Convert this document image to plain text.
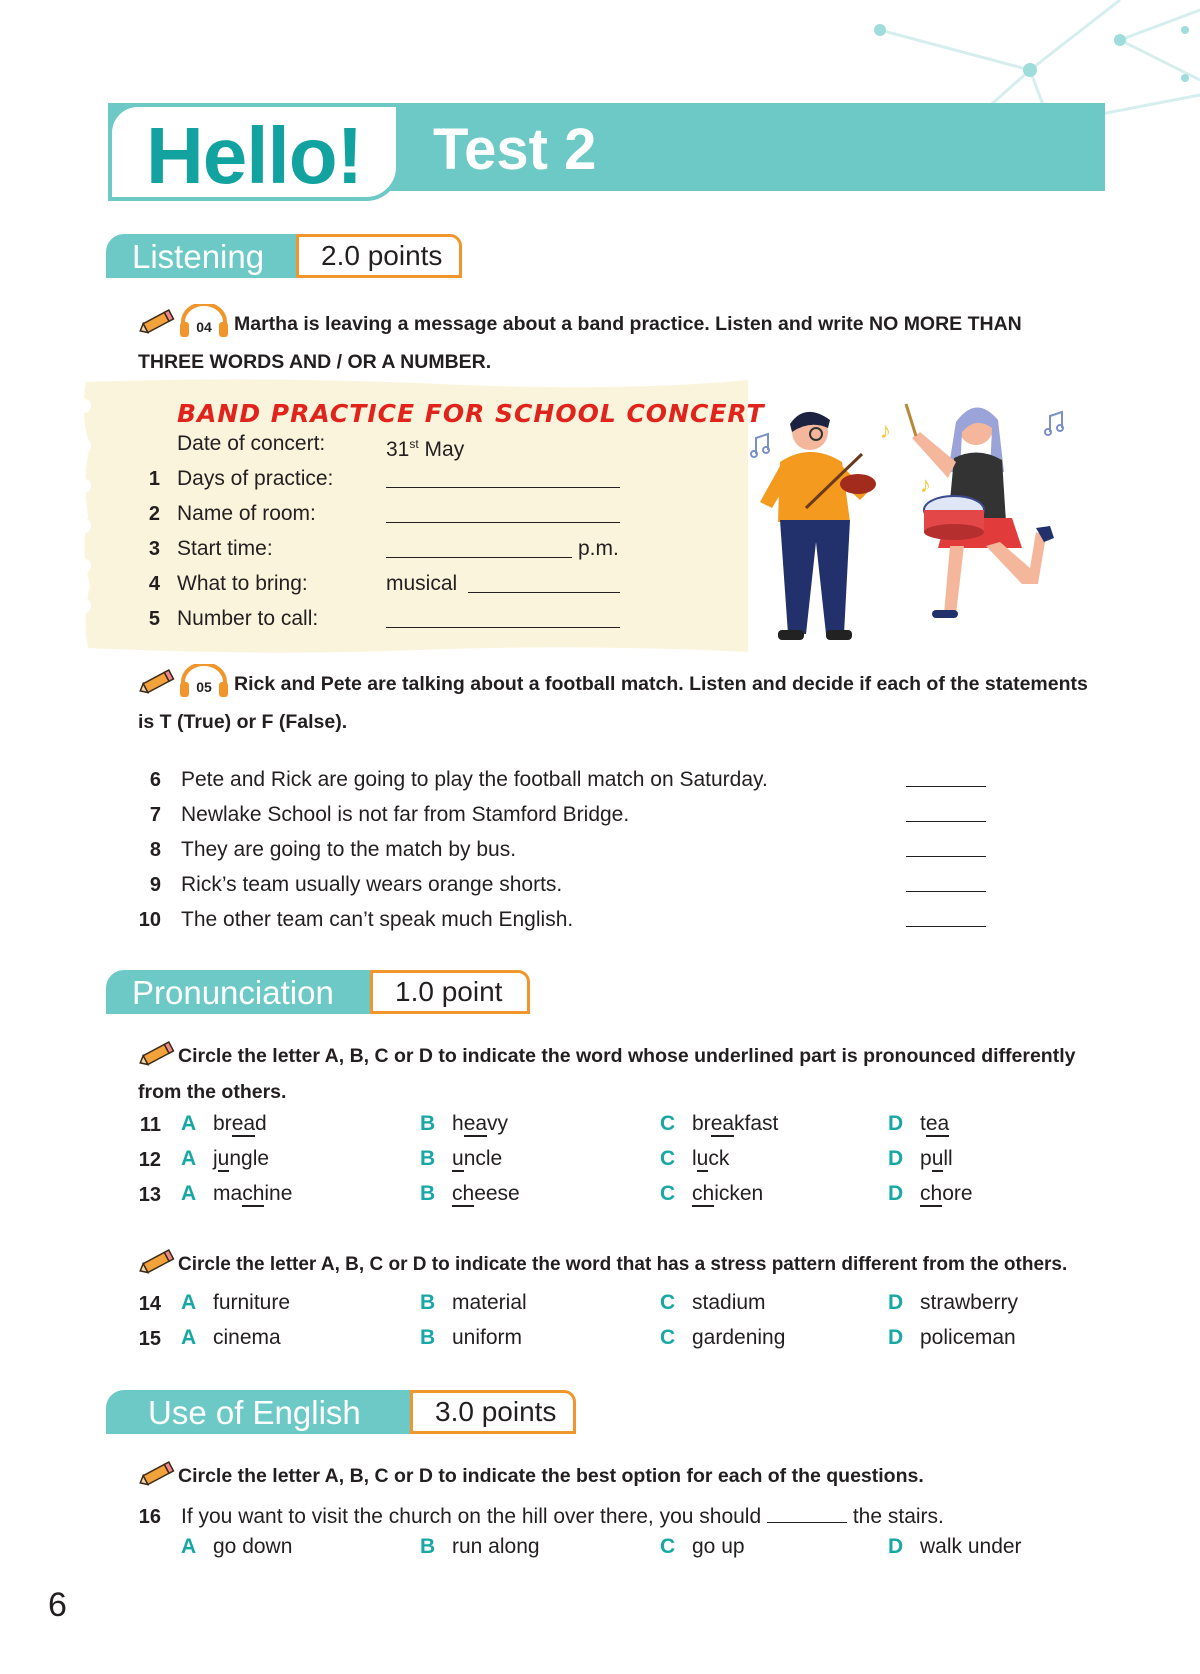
Hello! Test 2
Listening	2.0 points
04 Martha is leaving a message about a band practice. Listen and write NO MORE THAN
THREE WORDS AND / OR A NUMBER.
BAND PRACTICE FOR SCHOOL CONCERT
Date of concert:	31st May
1 Days of practice:
2 Name of room:
3 Start time:	p.m.
4 What to bring:	musical
5 Number to call:
♪
♪
05 Rick and Pete are talking about a football match. Listen and decide if each of the statements
is T (True) or F (False).
6 Pete and Rick are going to play the football match on Saturday.
7 Newlake School is not far from Stamford Bridge.
8 They are going to the match by bus.
9 Rick’s team usually wears orange shorts.
10 The other team can’t speak much English.
Pronunciation	1.0 point
Circle the letter A, B, C or D to indicate the word whose underlined part is pronounced differently
from the others.
11 A bread	B heavy	C breakfast	D tea
12 A jungle	B uncle	C luck	D pull
13 A machine	B cheese	C chicken	D chore
Circle the letter A, B, C or D to indicate the word that has a stress pattern different from the others.
14 A furniture	B material	C stadium	D strawberry
15 A cinema	B uniform	C gardening	D policeman
Use of English	3.0 points
Circle the letter A, B, C or D to indicate the best option for each of the questions.
16 If you want to visit the church on the hill over there, you should	the stairs.
A go down	B run along	C go up	D walk under
6
